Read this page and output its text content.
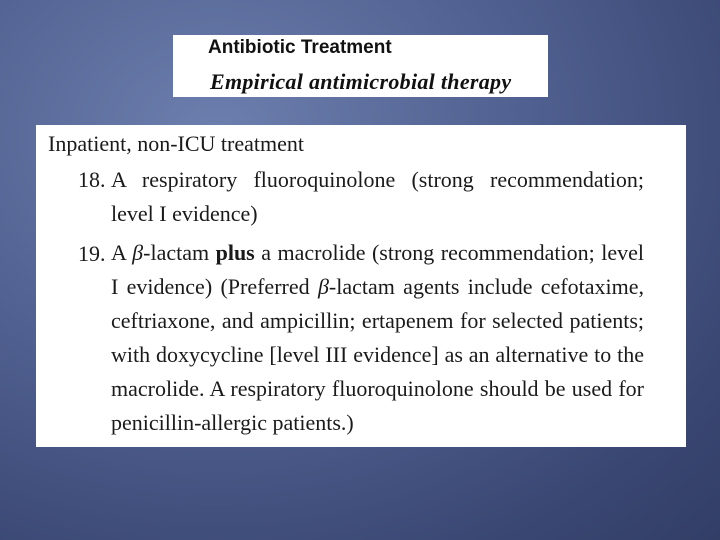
Antibiotic Treatment
Empirical antimicrobial therapy
Inpatient, non-ICU treatment
18. A respiratory fluoroquinolone (strong recommendation; level I evidence)
19. A β-lactam plus a macrolide (strong recommendation; level I evidence) (Preferred β-lactam agents include cefotaxime, ceftriaxone, and ampicillin; ertapenem for selected patients; with doxycycline [level III evidence] as an alternative to the macrolide. A respiratory fluoroquinolone should be used for penicillin-allergic patients.)
